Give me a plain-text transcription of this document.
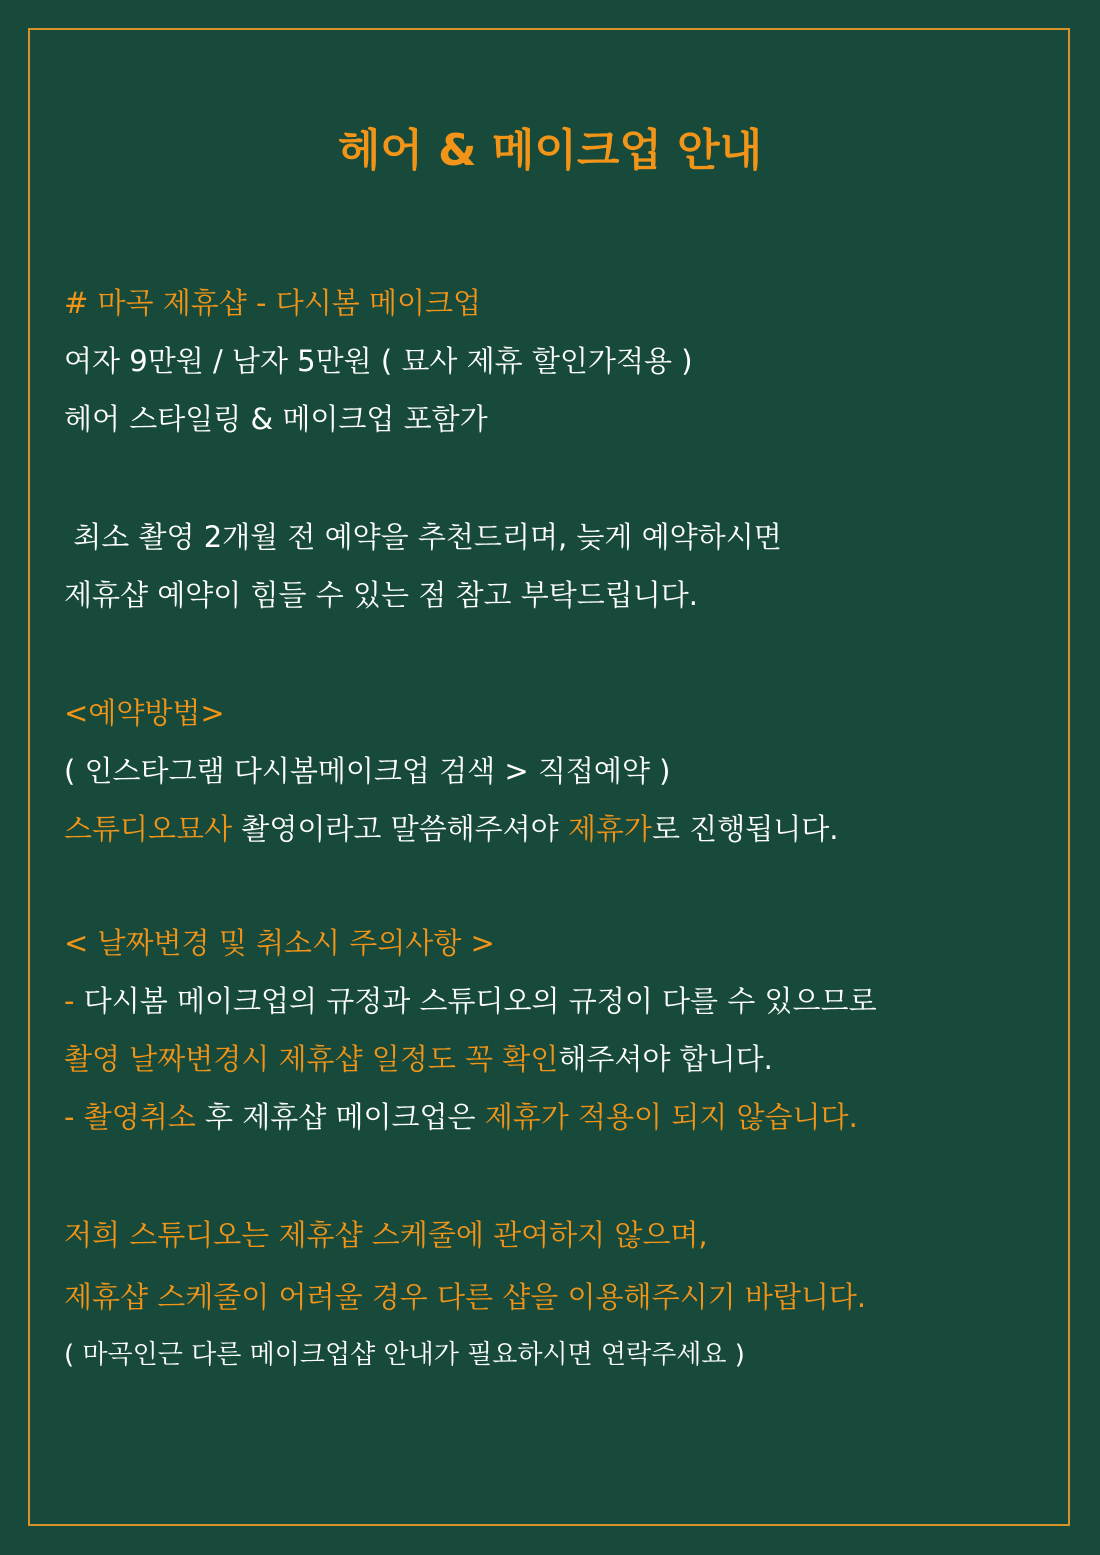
헤어 & 메이크업 안내

# 마곡 제휴샵 - 다시봄 메이크업

여자 9만원 / 남자 5만원 ( 묘사 제휴 할인가적용 )

헤어 스타일링 & 메이크업 포함가

최소 촬영 2개월 전 예약을 추천드리며, 늦게 예약하시면

제휴샵 예약이 힘들 수 있는 점 참고 부탁드립니다.

<예약방법>

( 인스타그램 다시봄메이크업 검색 > 직접예약 )

스튜디오묘사 촬영이라고 말씀해주셔야 제휴가로 진행됩니다.

< 날짜변경 및 취소시 주의사항 >

- 다시봄 메이크업의 규정과 스튜디오의 규정이 다를 수 있으므로

촬영 날짜변경시 제휴샵 일정도 꼭 확인해주셔야 합니다.

- 촬영취소 후 제휴샵 메이크업은 제휴가 적용이 되지 않습니다.

저희 스튜디오는 제휴샵 스케줄에 관여하지 않으며,

제휴샵 스케줄이 어려울 경우 다른 샵을 이용해주시기 바랍니다.

( 마곡인근 다른 메이크업샵 안내가 필요하시면 연락주세요 )
